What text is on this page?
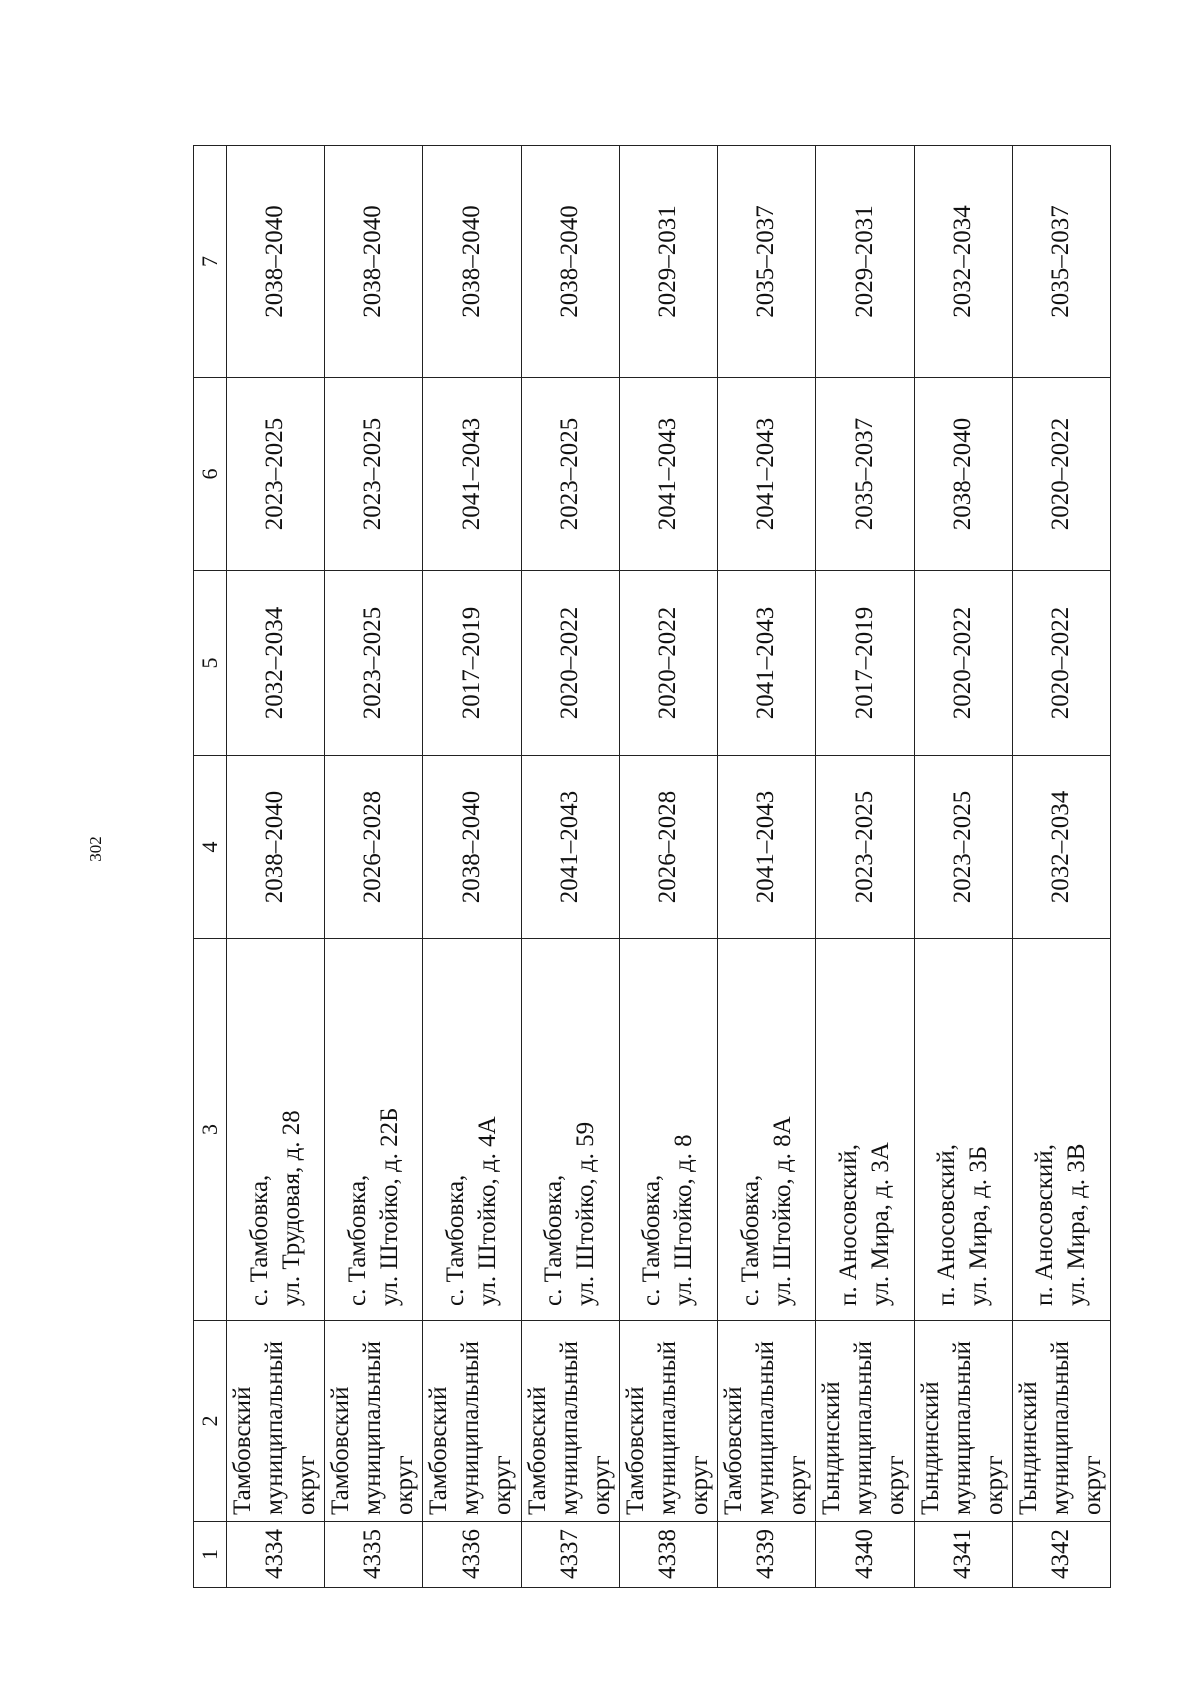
302
1	2	3	4	5	6	7
4334	Тамбовский муниципальный округ	с. Тамбовка, ул. Трудовая, д. 28	2038–2040	2032–2034	2023–2025	2038–2040
4335	Тамбовский муниципальный округ	с. Тамбовка, ул. Штойко, д. 22Б	2026–2028	2023–2025	2023–2025	2038–2040
4336	Тамбовский муниципальный округ	с. Тамбовка, ул. Штойко, д. 4А	2038–2040	2017–2019	2041–2043	2038–2040
4337	Тамбовский муниципальный округ	с. Тамбовка, ул. Штойко, д. 59	2041–2043	2020–2022	2023–2025	2038–2040
4338	Тамбовский муниципальный округ	с. Тамбовка, ул. Штойко, д. 8	2026–2028	2020–2022	2041–2043	2029–2031
4339	Тамбовский муниципальный округ	с. Тамбовка, ул. Штойко, д. 8А	2041–2043	2041–2043	2041–2043	2035–2037
4340	Тындинский муниципальный округ	п. Аносовский, ул. Мира, д. 3А	2023–2025	2017–2019	2035–2037	2029–2031
4341	Тындинский муниципальный округ	п. Аносовский, ул. Мира, д. 3Б	2023–2025	2020–2022	2038–2040	2032–2034
4342	Тындинский муниципальный округ	п. Аносовский, ул. Мира, д. 3В	2032–2034	2020–2022	2020–2022	2035–2037
